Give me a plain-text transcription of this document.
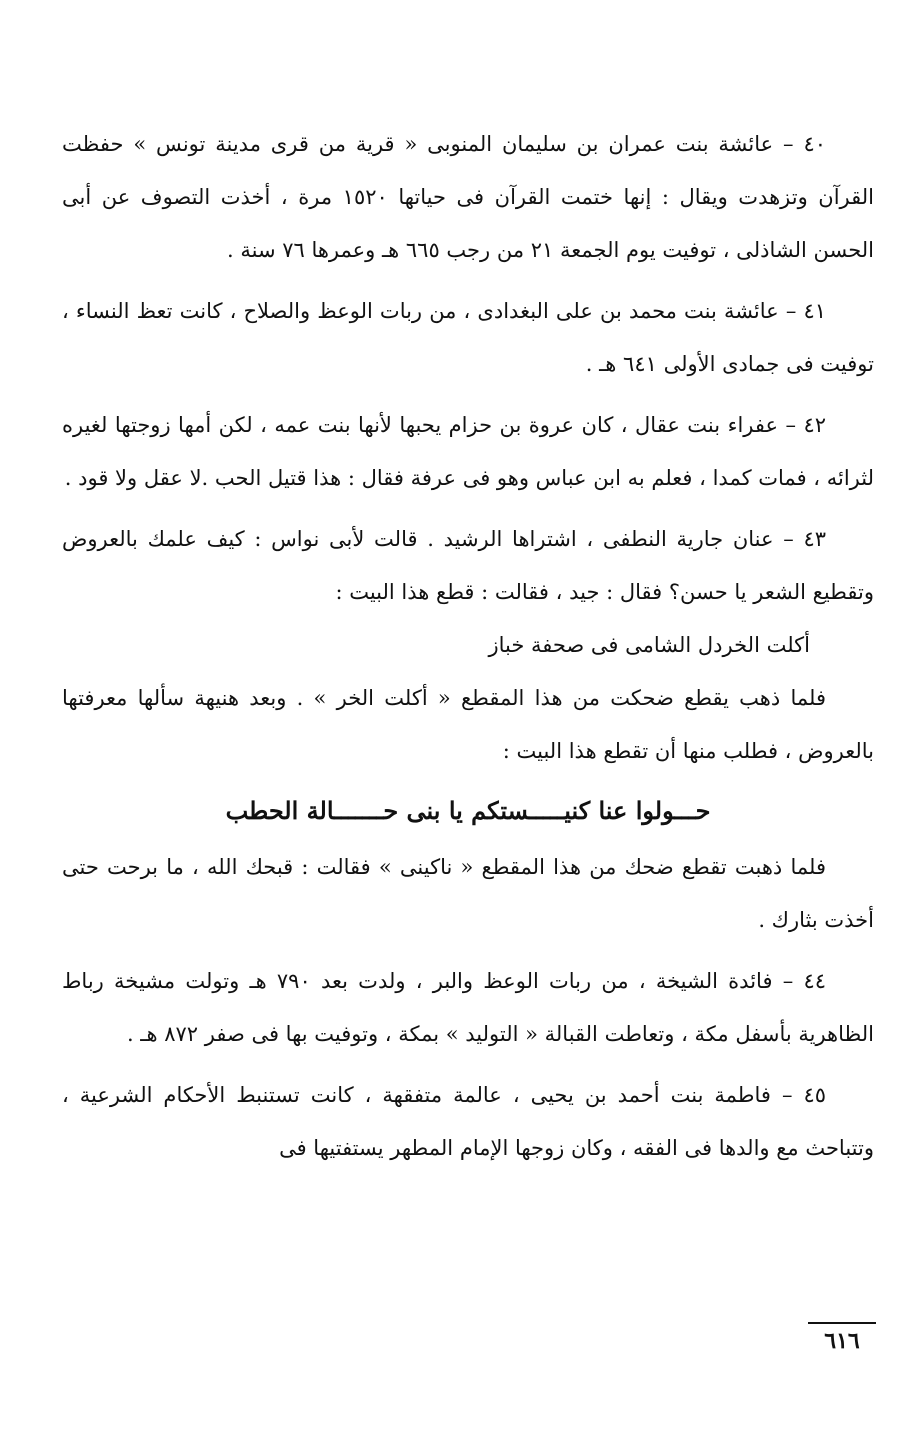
٤٠ – عائشة بنت عمران بن سليمان المنوبى « قرية من قرى مدينة تونس » حفظت القرآن وتزهدت ويقال : إنها ختمت القرآن فى حياتها ١٥٢٠ مرة ، أخذت التصوف عن أبى الحسن الشاذلى ، توفيت يوم الجمعة ٢١ من رجب ٦٦٥ هـ وعمرها ٧٦ سنة .

٤١ – عائشة بنت محمد بن على البغدادى ، من ربات الوعظ والصلاح ، كانت تعظ النساء ، توفيت فى جمادى الأولى ٦٤١ هـ .

٤٢ – عفراء بنت عقال ، كان عروة بن حزام يحبها لأنها بنت عمه ، لكن أمها زوجتها لغيره لثرائه ، فمات كمدا ، فعلم به ابن عباس وهو فى عرفة فقال : هذا قتيل الحب .لا عقل ولا قود .

٤٣ – عنان جارية النطفى ، اشتراها الرشيد . قالت لأبى نواس : كيف علمك بالعروض وتقطيع الشعر يا حسن؟ فقال : جيد ، فقالت : قطع هذا البيت :

أكلت الخردل الشامى فى صحفة خباز

فلما ذهب يقطع ضحكت من هذا المقطع « أكلت الخر » . وبعد هنيهة سألها معرفتها بالعروض ، فطلب منها أن تقطع هذا البيت :

حـــولوا عنا كنيـــــستكم يا بنى حـــــــالة الحطب

فلما ذهبت تقطع ضحك من هذا المقطع « ناكينى » فقالت : قبحك الله ، ما برحت حتى أخذت بثارك .

٤٤ – فائدة الشيخة ، من ربات الوعظ والبر ، ولدت بعد ٧٩٠ هـ وتولت مشيخة رباط الظاهرية بأسفل مكة ، وتعاطت القبالة « التوليد » بمكة ، وتوفيت بها فى صفر ٨٧٢ هـ .

٤٥ – فاطمة بنت أحمد بن يحيى ، عالمة متفقهة ، كانت تستنبط الأحكام الشرعية ، وتتباحث مع والدها فى الفقه ، وكان زوجها الإمام المطهر يستفتيها فى

٦١٦
